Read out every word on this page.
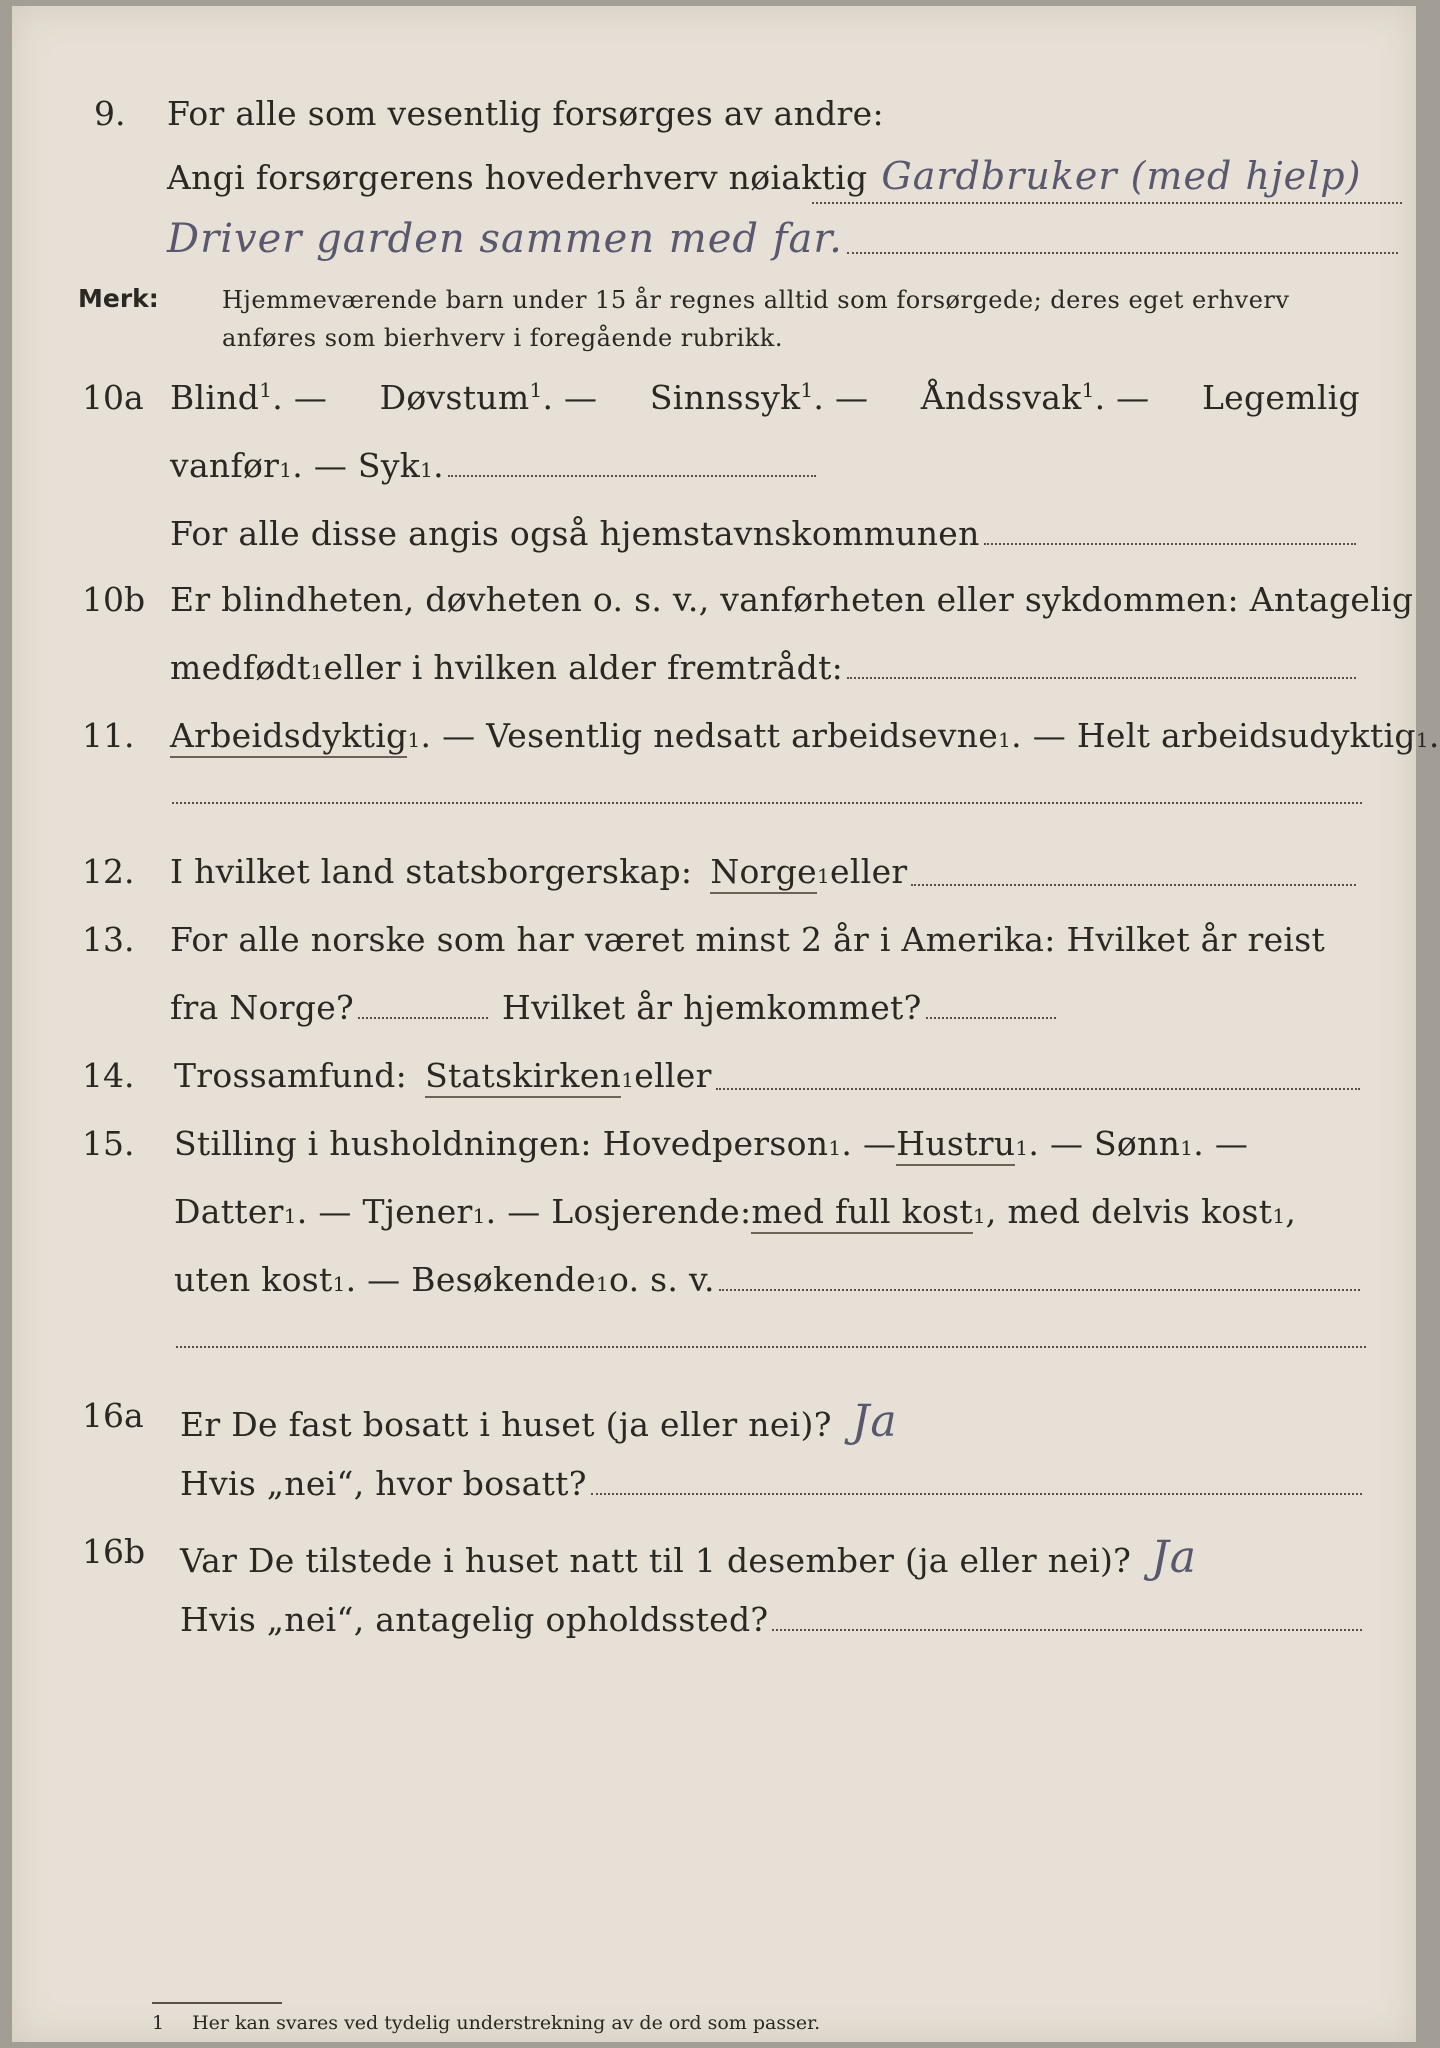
9. For alle som vesentlig forsørges av andre:
Angi forsørgerens hovederhverv nøiaktig Gardbruker (med hjelp)
Driver garden sammen med far.
Merk:	Hjemmeværende barn under 15 år regnes alltid som forsørgede; deres eget erhverv
anføres som bierhverv i foregående rubrikk.
10a Blind$^1$. — Døvstum$^1$. — Sinnssyk$^1$. — Åndssvak$^1$. — Legemlig
vanfør 1 . — Syk 1 .
For alle disse angis også hjemstavnskommunen
10b Er blindheten, døvheten o. s. v., vanførheten eller sykdommen: Antagelig
medfødt 1 eller i hvilken alder fremtrådt:
11. Arbeidsdyktig 1 . — Vesentlig nedsatt arbeidsevne 1 . — Helt arbeidsudyktig 1 .
12. I hvilket land statsborgerskap: Norge 1 eller
13. For alle norske som har været minst 2 år i Amerika: Hvilket år reist
fra Norge?	Hvilket år hjemkommet?
14. Trossamfund: Statskirken 1 eller
15. Stilling i husholdningen: Hovedperson 1 . — Hustru 1 . — Sønn 1 . —
Datter 1 . — Tjener 1 . — Losjerende: med full kost 1 , med delvis kost 1 ,
uten kost 1 . — Besøkende 1 o. s. v.
16a Er De fast bosatt i huset (ja eller nei)? Ja
Hvis „nei“, hvor bosatt?
16b Var De tilstede i huset natt til 1 desember (ja eller nei)? Ja
Hvis „nei“, antagelig opholdssted?
1 Her kan svares ved tydelig understrekning av de ord som passer.
